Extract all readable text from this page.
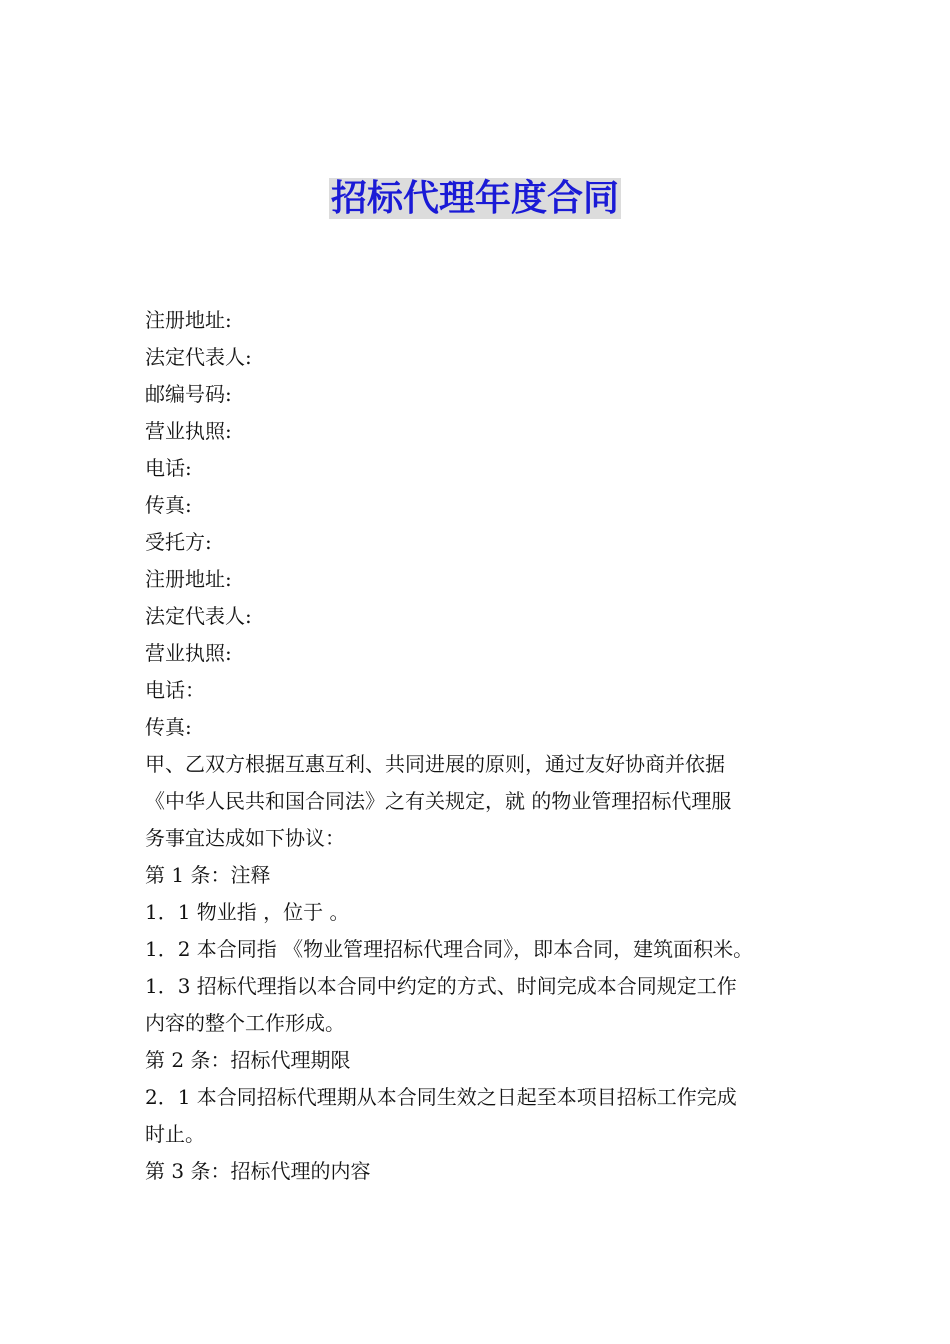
招标代理年度合同

注册地址:

法定代表人:

邮编号码:

营业执照:

电话:

传真:

受托方:

注册地址:

法定代表人:

营业执照:

电话：

传真:

甲、乙双方根据互惠互利、共同进展的原则，通过友好协商并依据

《中华人民共和国合同法》之有关规定，就 的物业管理招标代理服

务事宜达成如下协议：

第 1 条：注释

1．1 物业指 ，位于 。

1．2 本合同指 《物业管理招标代理合同》，即本合同，建筑面积米。

1．3 招标代理指以本合同中约定的方式、时间完成本合同规定工作

内容的整个工作形成。

第 2 条：招标代理期限

2．1 本合同招标代理期从本合同生效之日起至本项目招标工作完成

时止。

第 3 条：招标代理的内容
